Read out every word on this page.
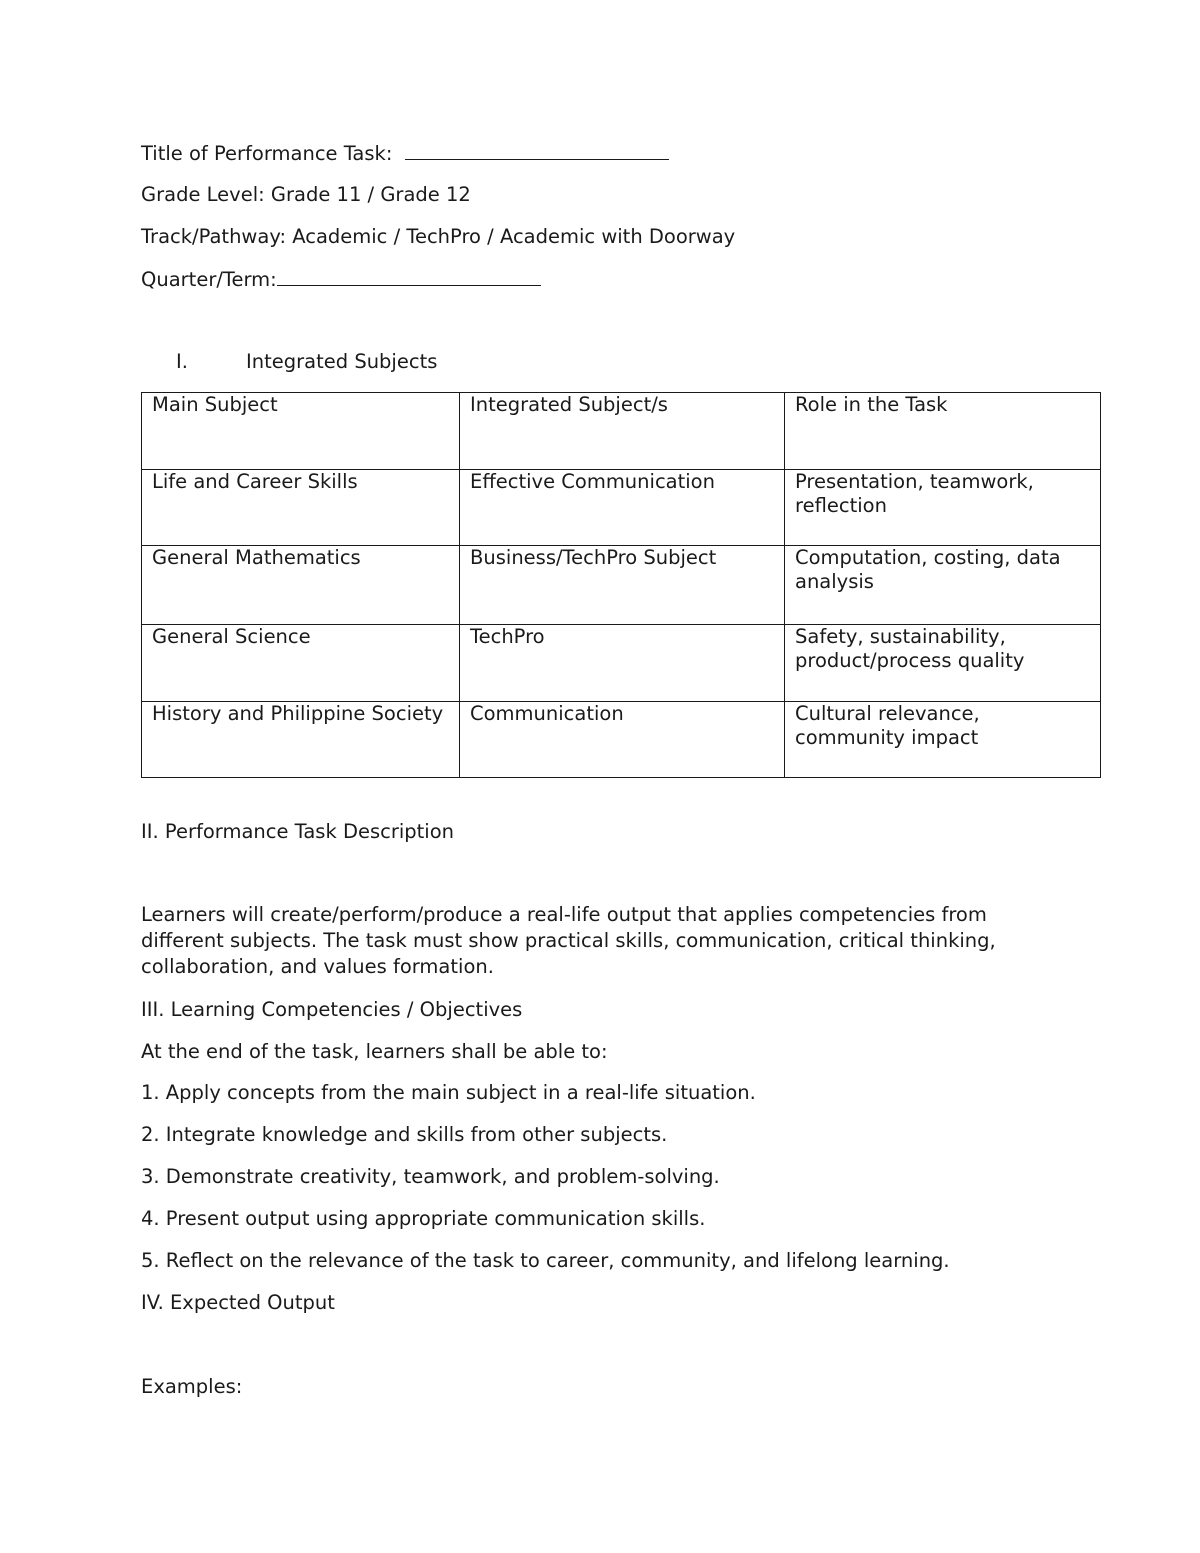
Title of Performance Task:
Grade Level: Grade 11 / Grade 12
Track/Pathway: Academic / TechPro / Academic with Doorway
Quarter/Term:
I.	Integrated Subjects
Main Subject	Integrated Subject/s	Role in the Task

Life and Career Skills	Effective Communication	Presentation, teamwork, reflection

General Mathematics	Business/TechPro Subject	Computation, costing, data analysis

General Science	TechPro	Safety, sustainability, product/process quality

History and Philippine Society	Communication	Cultural relevance, community impact
II. Performance Task Description
Learners will create/perform/produce a real-life output that applies competencies from different subjects. The task must show practical skills, communication, critical thinking, collaboration, and values formation.
III. Learning Competencies / Objectives
At the end of the task, learners shall be able to:
1. Apply concepts from the main subject in a real-life situation.
2. Integrate knowledge and skills from other subjects.
3. Demonstrate creativity, teamwork, and problem-solving.
4. Present output using appropriate communication skills.
5. Reflect on the relevance of the task to career, community, and lifelong learning.
IV. Expected Output
Examples:
